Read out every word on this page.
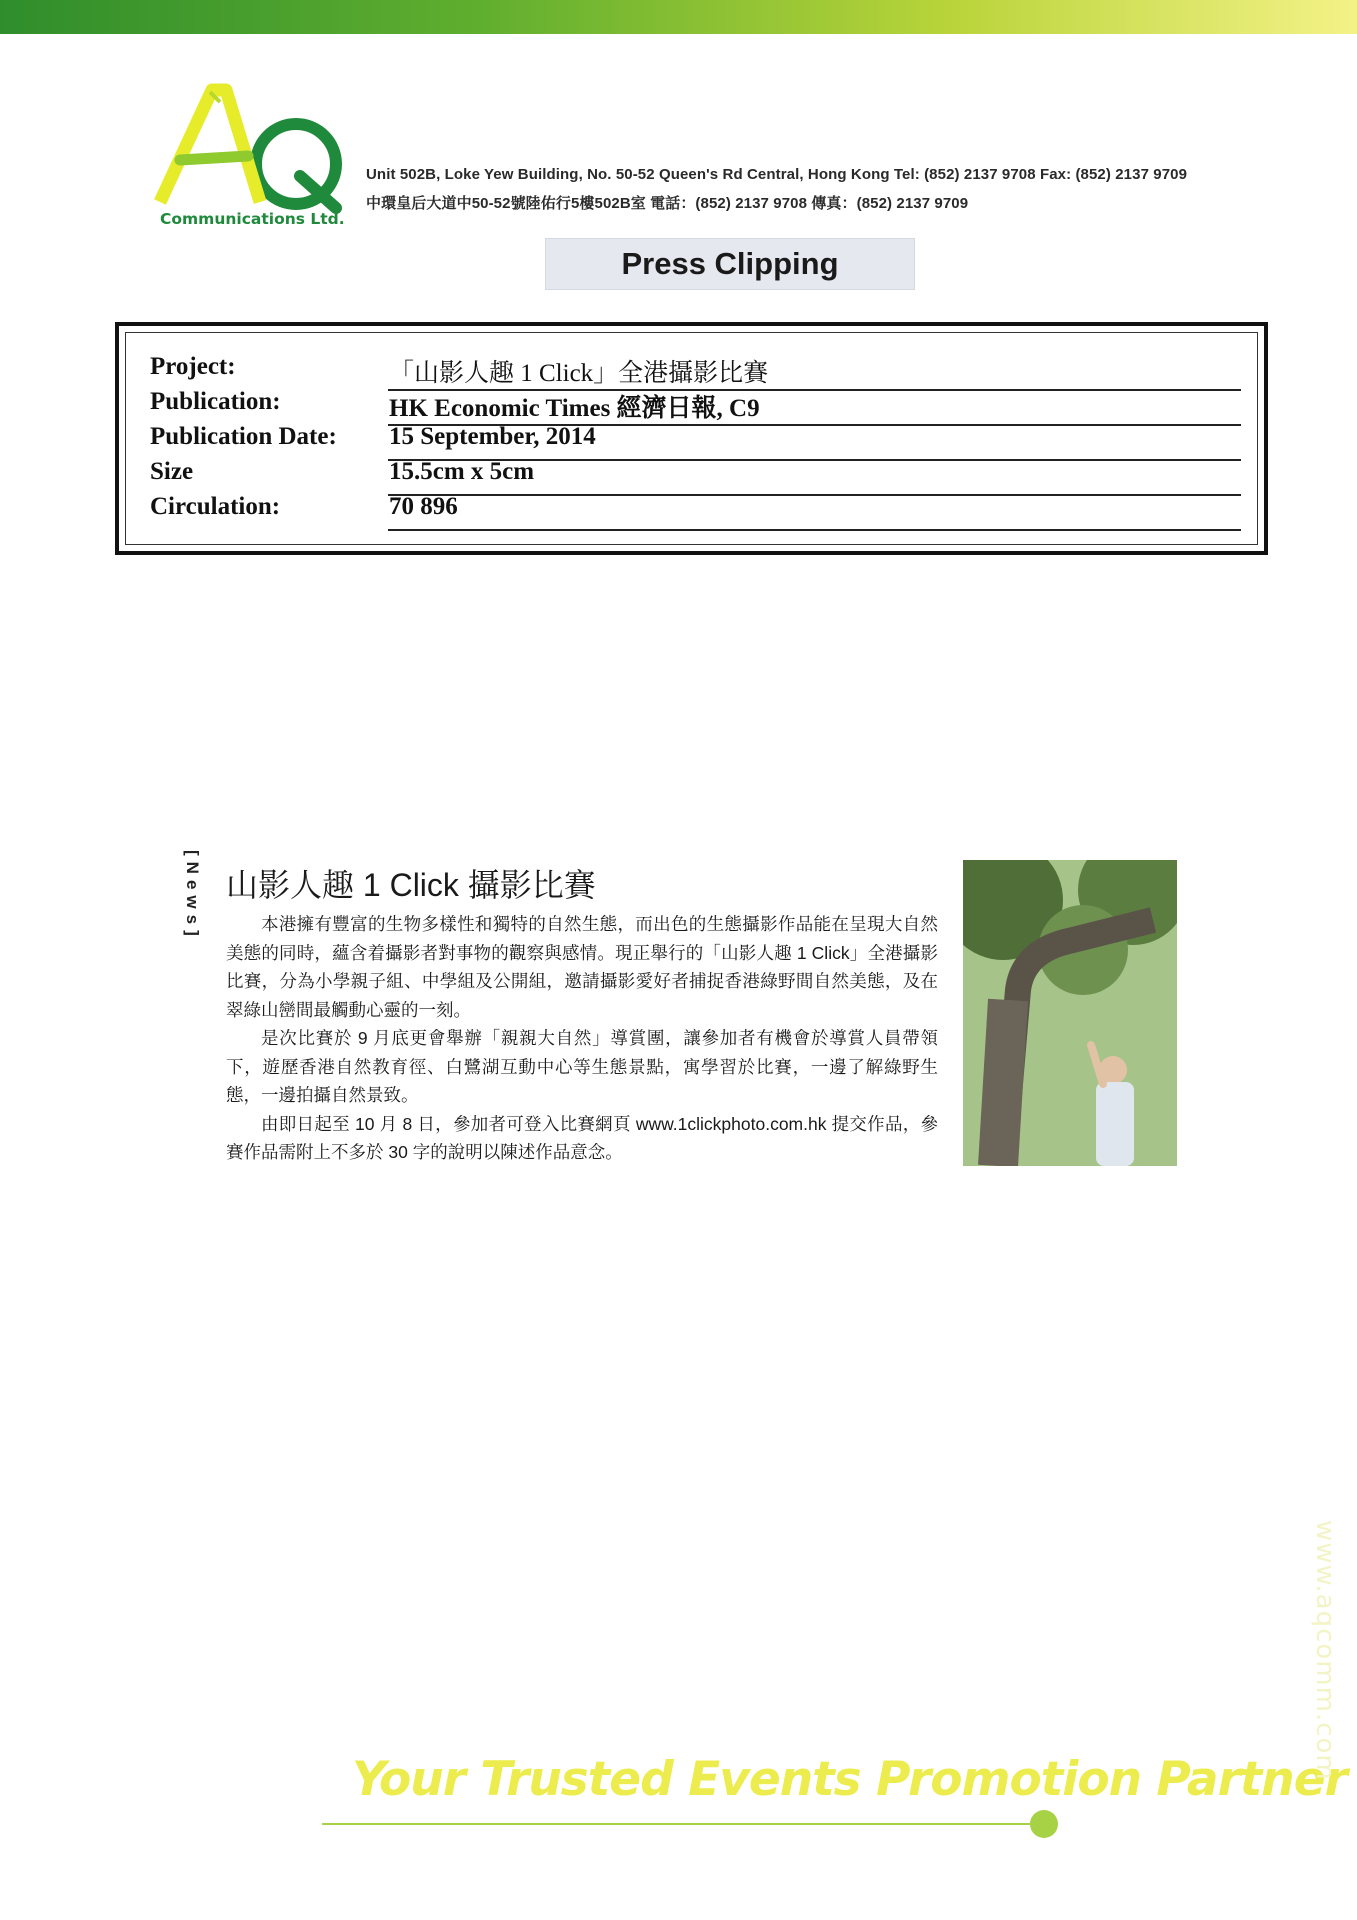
Communications Ltd.
Unit 502B, Loke Yew Building, No. 50-52 Queen's Rd Central, Hong Kong Tel: (852) 2137 9708 Fax: (852) 2137 9709
中環皇后大道中50-52號陸佑行5樓502B室 電話：(852) 2137 9708 傳真：(852) 2137 9709
Press Clipping
Project:	「山影人趣 1 Click」全港攝影比賽
Publication:	HK Economic Times 經濟日報, C9
Publication Date: 15 September, 2014
Size	15.5cm x 5cm
Circulation:	70 896
[News] 山影人趣 1 Click 攝影比賽

本港擁有豐富的生物多樣性和獨特的自然生態，而出色的生態攝影作品能在呈現大自然美態的同時，蘊含着攝影者對事物的觀察與感情。現正舉行的「山影人趣 1 Click」全港攝影比賽，分為小學親子組、中學組及公開組，邀請攝影愛好者捕捉香港綠野間自然美態，及在翠綠山巒間最觸動心靈的一刻。

是次比賽於 9 月底更會舉辦「親親大自然」導賞團，讓參加者有機會於導賞人員帶領下，遊歷香港自然教育徑、白鷺湖互動中心等生態景點，寓學習於比賽，一邊了解綠野生態，一邊拍攝自然景致。

由即日起至 10 月 8 日，參加者可登入比賽網頁 www.1clickphoto.com.hk 提交作品，參賽作品需附上不多於 30 字的說明以陳述作品意念。

Your Trusted Events Promotion Partner
www.aqcomm.com
